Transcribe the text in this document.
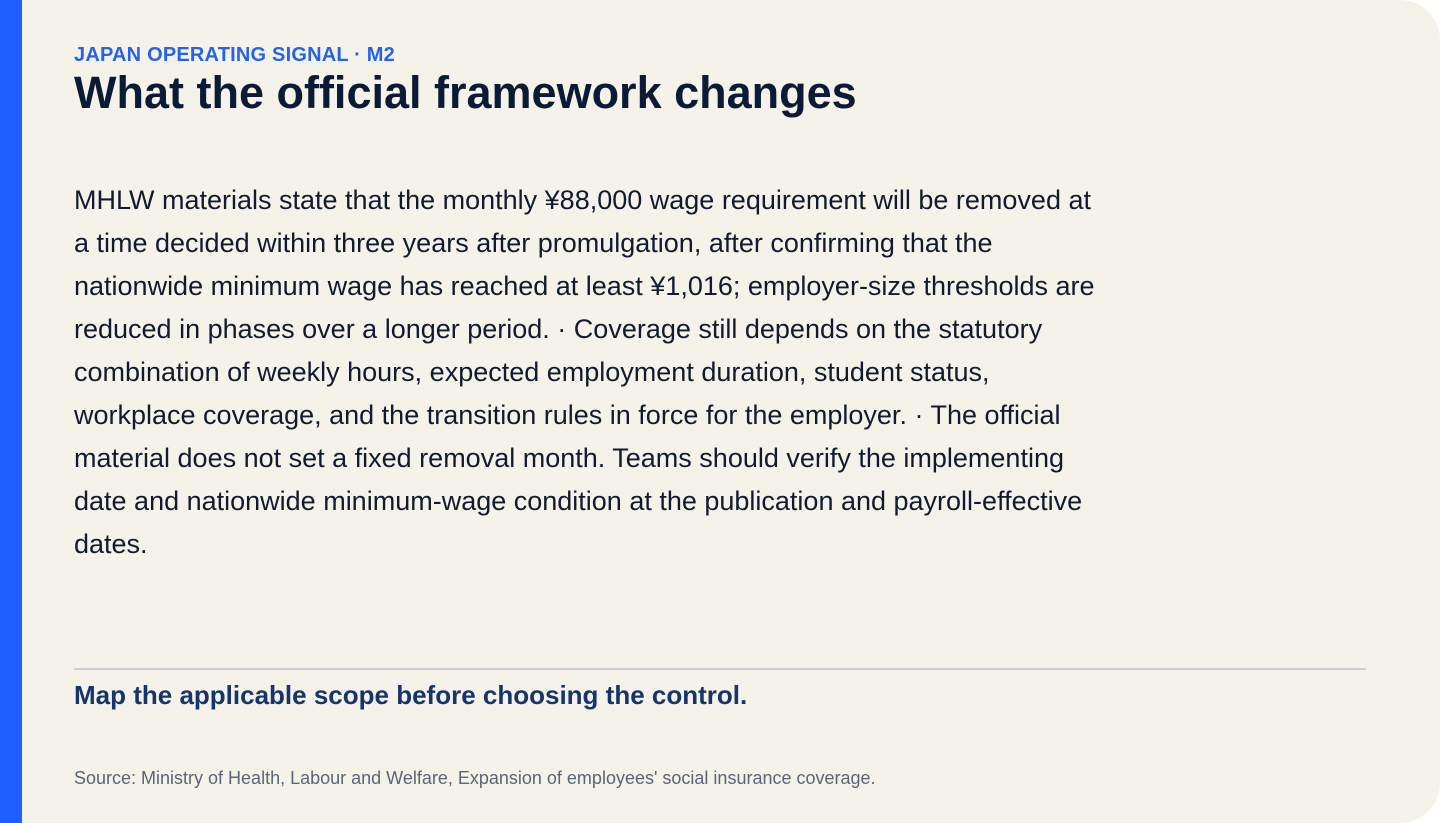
JAPAN OPERATING SIGNAL · M2
What the official framework changes

MHLW materials state that the monthly ¥88,000 wage requirement will be removed at a time decided within three years after promulgation, after confirming that the nationwide minimum wage has reached at least ¥1,016; employer-size thresholds are reduced in phases over a longer period. · Coverage still depends on the statutory combination of weekly hours, expected employment duration, student status, workplace coverage, and the transition rules in force for the employer. · The official material does not set a fixed removal month. Teams should verify the implementing date and nationwide minimum-wage condition at the publication and payroll-effective dates.

Map the applicable scope before choosing the control.
Source: Ministry of Health, Labour and Welfare, Expansion of employees' social insurance coverage.
